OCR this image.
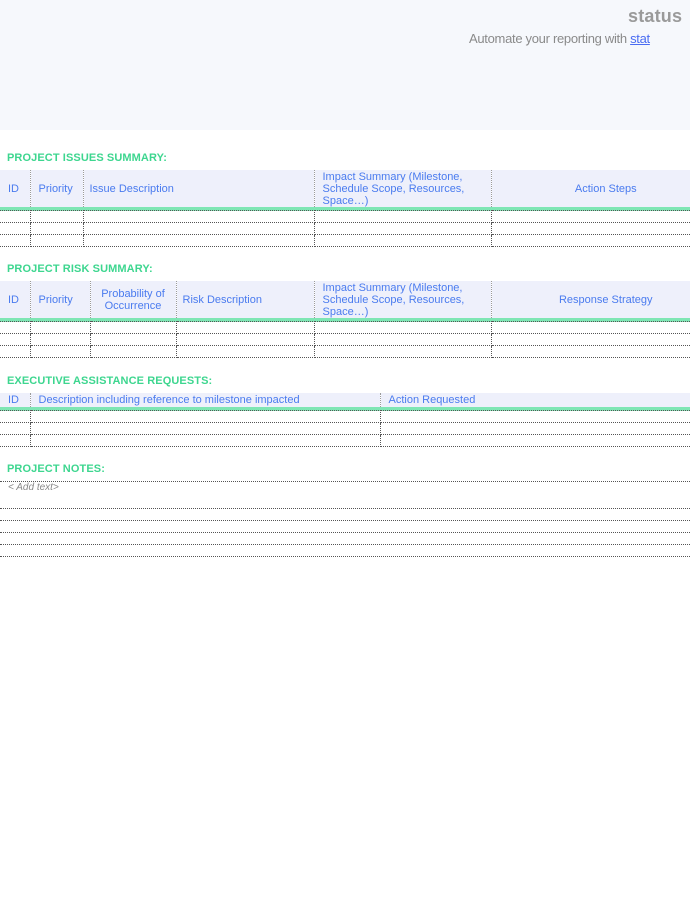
status
Automate your reporting with stat
PROJECT ISSUES SUMMARY:
ID	Priority	Issue Description	Impact Summary (Milestone, Schedule Scope, Resources, Space…)	Action Steps

PROJECT RISK SUMMARY:
ID	Priority	Probability of Occurrence	Risk Description	Impact Summary (Milestone, Schedule Scope, Resources, Space…)	Response Strategy

EXECUTIVE ASSISTANCE REQUESTS:
ID	Description including reference to milestone impacted	Action Requested

PROJECT NOTES:
< Add text>
